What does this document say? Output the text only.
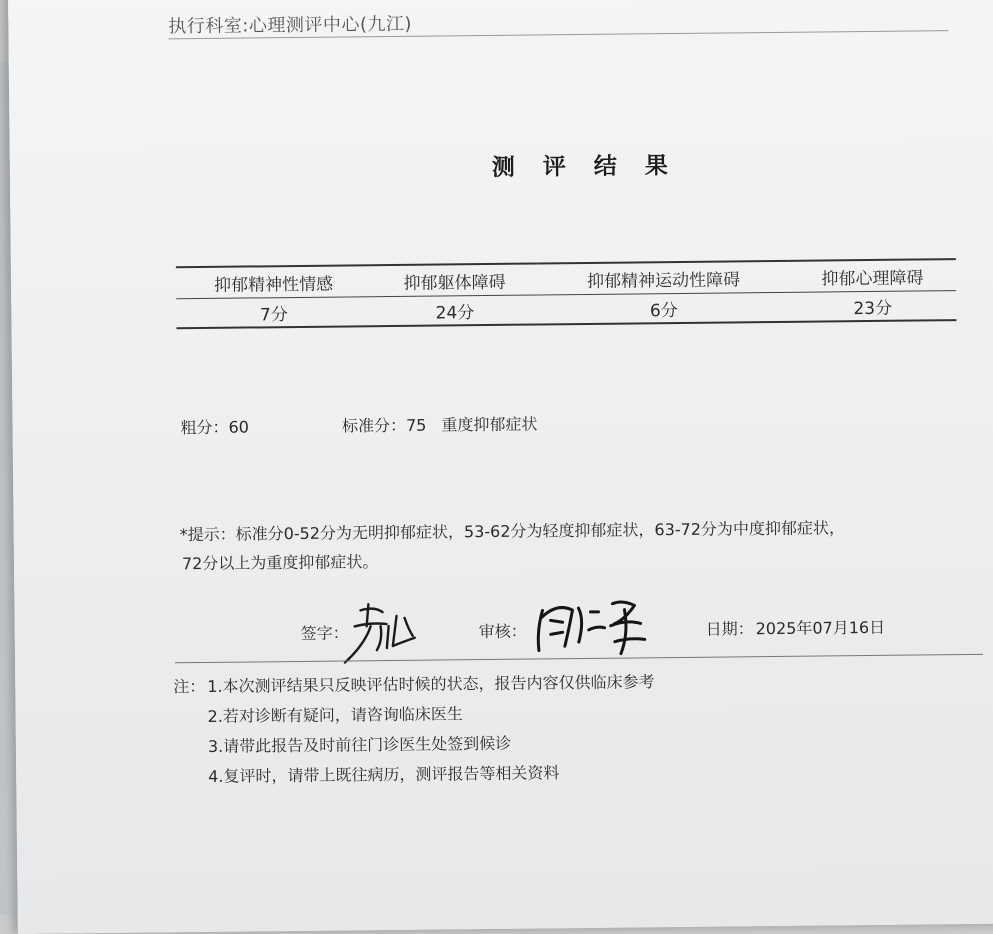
执行科室:心理测评中心(九江)
测 评 结 果
抑郁精神性情感	抑郁躯体障碍	抑郁精神运动性障碍	抑郁心理障碍
7分	24分	6分	23分
粗分：60	标准分：75 重度抑郁症状
*提示：标准分0-52分为无明抑郁症状，53-62分为轻度抑郁症状，63-72分为中度抑郁症状，
72分以上为重度抑郁症状。
签字：	审核：	日期： 2025年07月16日
注： 1.本次测评结果只反映评估时候的状态，报告内容仅供临床参考
2.若对诊断有疑问，请咨询临床医生
3.请带此报告及时前往门诊医生处签到候诊
4.复评时，请带上既往病历，测评报告等相关资料
